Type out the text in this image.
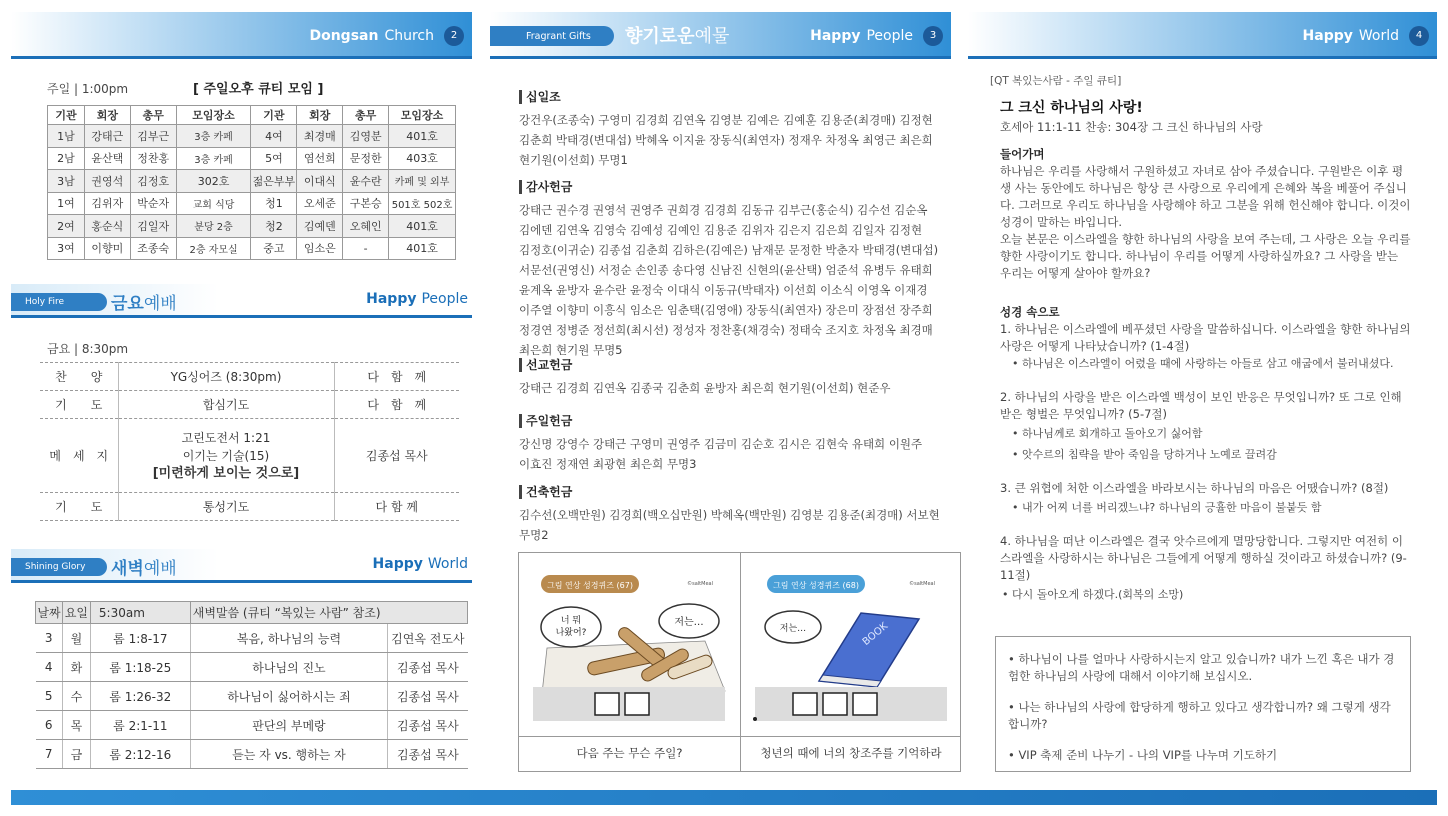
Dongsan Church	2	Fragrant Gifts	향기로운예물	Happy People	3	Happy World	4
주일 | 1:00pm	[ 주일오후 큐티 모임 ]
기관	회장	총무	모임장소	기관	회장	총무	모임장소
1남	강태근	김부근	3층 카페	4여	최경매	김영분	401호
2남	윤산택	정찬홍	3층 카페	5여	염선희	문정한	403호
3남	권영석	김정호	302호	젊은부부	이대식	윤수란	카페 및 외부
1여	김위자	박순자	교회 식당	청1	오세준	구본승	501호 502호
2여	홍순식	김일자	분당 2층	청2	김예덴	오혜인	401호
3여	이향미	조종숙	2층 자모실	중고	임소은	-	401호
Holy Fire	금요예배	Happy People
금요 | 8:30pm
찬　　양	YG싱어즈 (8:30pm)	다　함　께
기　　도	합심기도	다　함　께
메　세　지	고린도전서 1:21
이기는 기술(15)
[미련하게 보이는 것으로]	김종섭 목사
기　　도	통성기도	다 함 께
Shining Glory	새벽예배	Happy World
날짜	요일	5:30am	새벽말씀 (큐티 “복있는 사람” 참조)	
3	월	롬 1:8-17	복음, 하나님의 능력	김연옥 전도사
4	화	롬 1:18-25	하나님의 진노	김종섭 목사
5	수	롬 1:26-32	하나님이 싫어하시는 죄	김종섭 목사
6	목	롬 2:1-11	판단의 부메랑	김종섭 목사
7	금	롬 2:12-16	듣는 자 vs. 행하는 자	김종섭 목사
십일조

강건우(조종숙) 구영미 김경희 김연옥 김영분 김예은 김예훈 김용준(최경매) 김정현 김춘희 박태경(변대섭) 박혜옥 이지윤 장동식(최연자) 정재우 차정옥 최영근 최은희 현기원(이선희) 무명1

감사헌금

강태근 권수경 권영석 권영주 권희경 김경희 김동규 김부근(홍순식) 김수선 김순옥 김에덴 김연옥 김영숙 김예성 김예인 김용준 김위자 김은지 김은희 김일자 김정현 김정호(이귀순) 김종섭 김춘희 김하은(김예은) 남재문 문정한 박춘자 박태경(변대섭) 서문선(권영신) 서정순 손인종 송다영 신남진 신현의(윤산택) 엄준석 유병두 유태희 윤계옥 윤방자 윤수란 윤정숙 이대식 이동규(박태자) 이선희 이소식 이영옥 이재경 이주열 이향미 이흥식 임소은 임춘택(김영애) 장동식(최연자) 장은미 장점선 장주희 정경연 정병준 정선희(최시선) 정성자 정찬홍(채경숙) 정태숙 조지호 차정옥 최경매 최은희 현기원 무명5

선교헌금

강태근 김경희 김연옥 김종국 김춘희 윤방자 최은희 현기원(이선희) 현준우

주일헌금

강신명 강영수 강태근 구영미 권영주 김금미 김순호 김시은 김현숙 유태희 이원주 이효진 정재연 최광현 최은희 무명3

건축헌금

김수선(오백만원) 김경희(백오십만원) 박혜옥(백만원) 김영분 김용준(최경매) 서보현 무명2

그림 연상 성경퀴즈 (67)	©saltMeal
너 뭐
나왔어?
저는…
다음 주는 무슨 주일?
그림 연상 성경퀴즈 (68)	©saltMeal
저는…	BOOK
청년의 때에 너의 창조주를 기억하라
[QT 복있는사람 - 주일 큐티]
그 크신 하나님의 사랑!
호세아 11:1-11 찬송: 304장 그 크신 하나님의 사랑
들어가며
하나님은 우리를 사랑해서 구원하셨고 자녀로 삼아 주셨습니다. 구원받은 이후 평생 사는 동안에도 하나님은 항상 큰 사랑으로 우리에게 은혜와 복을 베풀어 주십니다. 그러므로 우리도 하나님을 사랑해야 하고 그분을 위해 헌신해야 합니다. 이것이 성경이 말하는 바입니다.
오늘 본문은 이스라엘을 향한 하나님의 사랑을 보여 주는데, 그 사랑은 오늘 우리를 향한 사랑이기도 합니다. 하나님이 우리를 어떻게 사랑하실까요? 그 사랑을 받는 우리는 어떻게 살아야 할까요?
성경 속으로
1. 하나님은 이스라엘에 베푸셨던 사랑을 말씀하십니다. 이스라엘을 향한 하나님의 사랑은 어떻게 나타났습니까? (1-4절)
• 하나님은 이스라엘이 어렸을 때에 사랑하는 아들로 삼고 애굽에서 불러내셨다.
2. 하나님의 사랑을 받은 이스라엘 백성이 보인 반응은 무엇입니까? 또 그로 인해 받은 형벌은 무엇입니까? (5-7절)
• 하나님께로 회개하고 돌아오기 싫어함
• 앗수르의 침략을 받아 죽임을 당하거나 노예로 끌려감
3. 큰 위협에 처한 이스라엘을 바라보시는 하나님의 마음은 어땠습니까? (8절)
• 내가 어찌 너를 버리겠느냐? 하나님의 긍휼한 마음이 불붙듯 함
4. 하나님을 떠난 이스라엘은 결국 앗수르에게 멸망당합니다. 그렇지만 여전히 이스라엘을 사랑하시는 하나님은 그들에게 어떻게 행하실 것이라고 하셨습니까? (9-11절)
• 다시 돌아오게 하겠다.(회복의 소망)
• 하나님이 나를 얼마나 사랑하시는지 알고 있습니까? 내가 느낀 혹은 내가 경험한 하나님의 사랑에 대해서 이야기해 보십시오.
• 나는 하나님의 사랑에 합당하게 행하고 있다고 생각합니까? 왜 그렇게 생각합니까?
• VIP 축제 준비 나누기 - 나의 VIP를 나누며 기도하기
